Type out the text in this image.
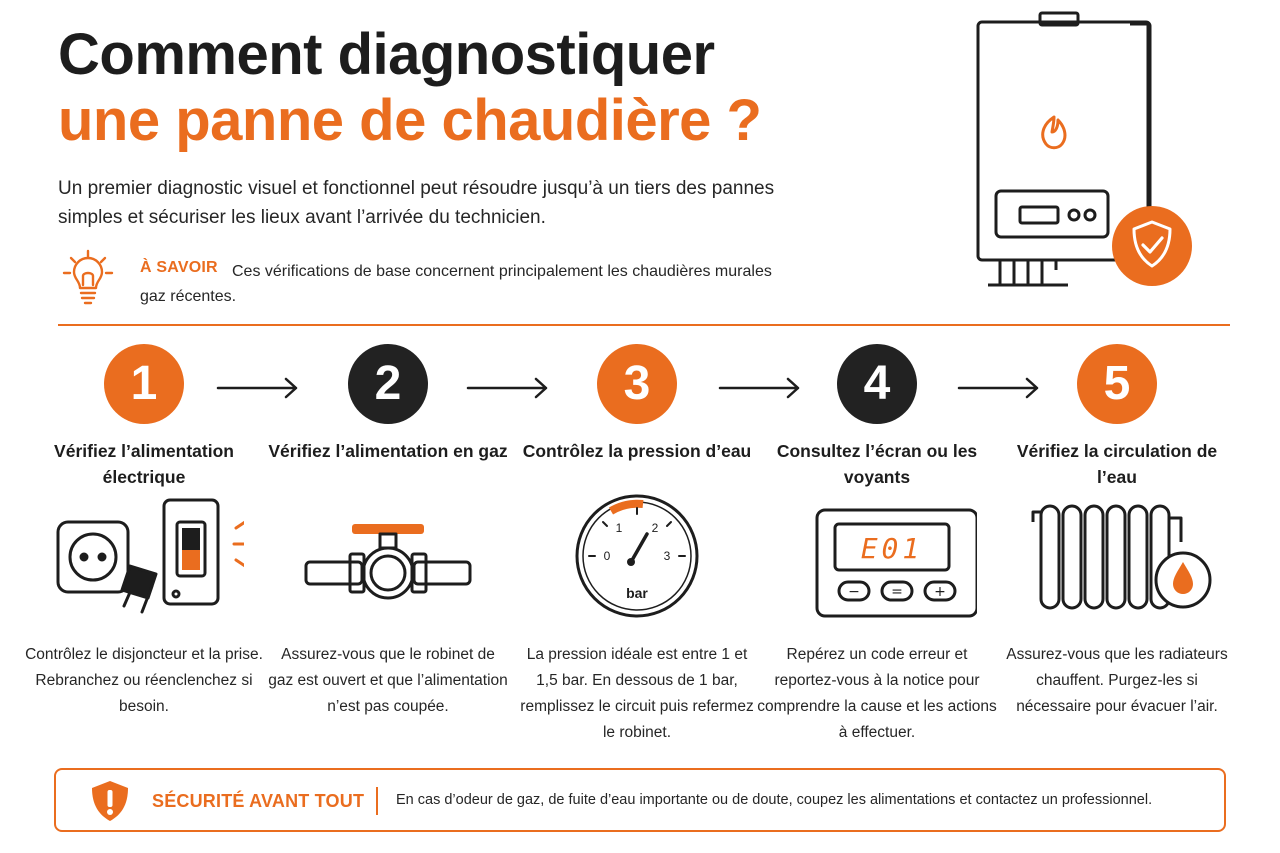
Comment diagnostiquer
une panne de chaudière ?

Un premier diagnostic visuel et fonctionnel peut résoudre jusqu’à un tiers des pannes simples et sécuriser les lieux avant l’arrivée du technicien.

À SAVOIR Ces vérifications de base concernent principalement les chaudières murales gaz récentes.
1
Vérifiez l’alimentation électrique
Contrôlez le disjoncteur et la prise. Rebranchez ou réenclenchez si besoin.
2
Vérifiez l’alimentation en gaz
Assurez-vous que le robinet de gaz est ouvert et que l’alimentation n’est pas coupée.
3
Contrôlez la pression d’eau
0
1 2
3
bar
La pression idéale est entre 1 et 1,5 bar. En dessous de 1 bar, remplissez le circuit puis refermez le robinet.
4
Consultez l’écran ou les voyants
E01
− = +
Repérez un code erreur et reportez-vous à la notice pour comprendre la cause et les actions à effectuer.
5
Vérifiez la circulation de l’eau
Assurez-vous que les radiateurs chauffent. Purgez-les si nécessaire pour évacuer l’air.
SÉCURITÉ AVANT TOUT En cas d’odeur de gaz, de fuite d’eau importante ou de doute, coupez les alimentations et contactez un professionnel.
